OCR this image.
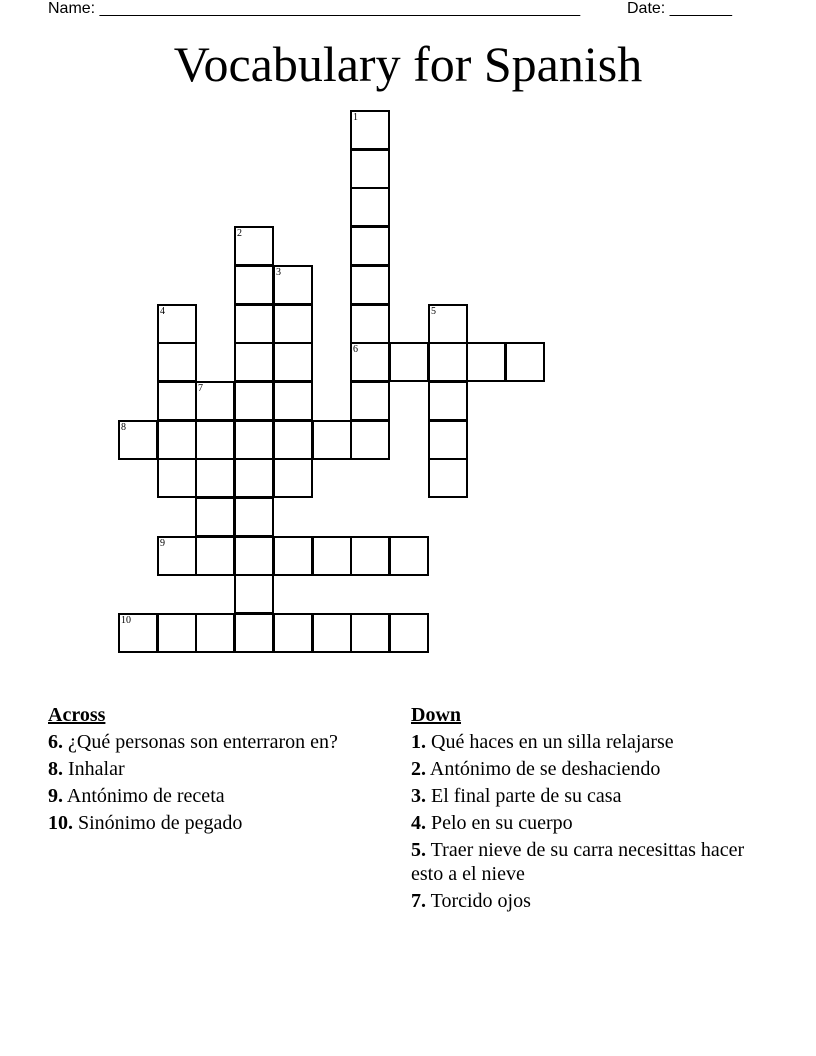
Name: ______________________________________________________	Date: _______
Vocabulary for Spanish
1
6
2
3
4	5
7
8
9
10
Across
6. ¿Qué personas son enterraron en?
8. Inhalar
9. Antónimo de receta
10. Sinónimo de pegado
Down
1. Qué haces en un silla relajarse
2. Antónimo de se deshaciendo
3. El final parte de su casa
4. Pelo en su cuerpo
5. Traer nieve de su carra necesittas hacer esto a el nieve
7. Torcido ojos
